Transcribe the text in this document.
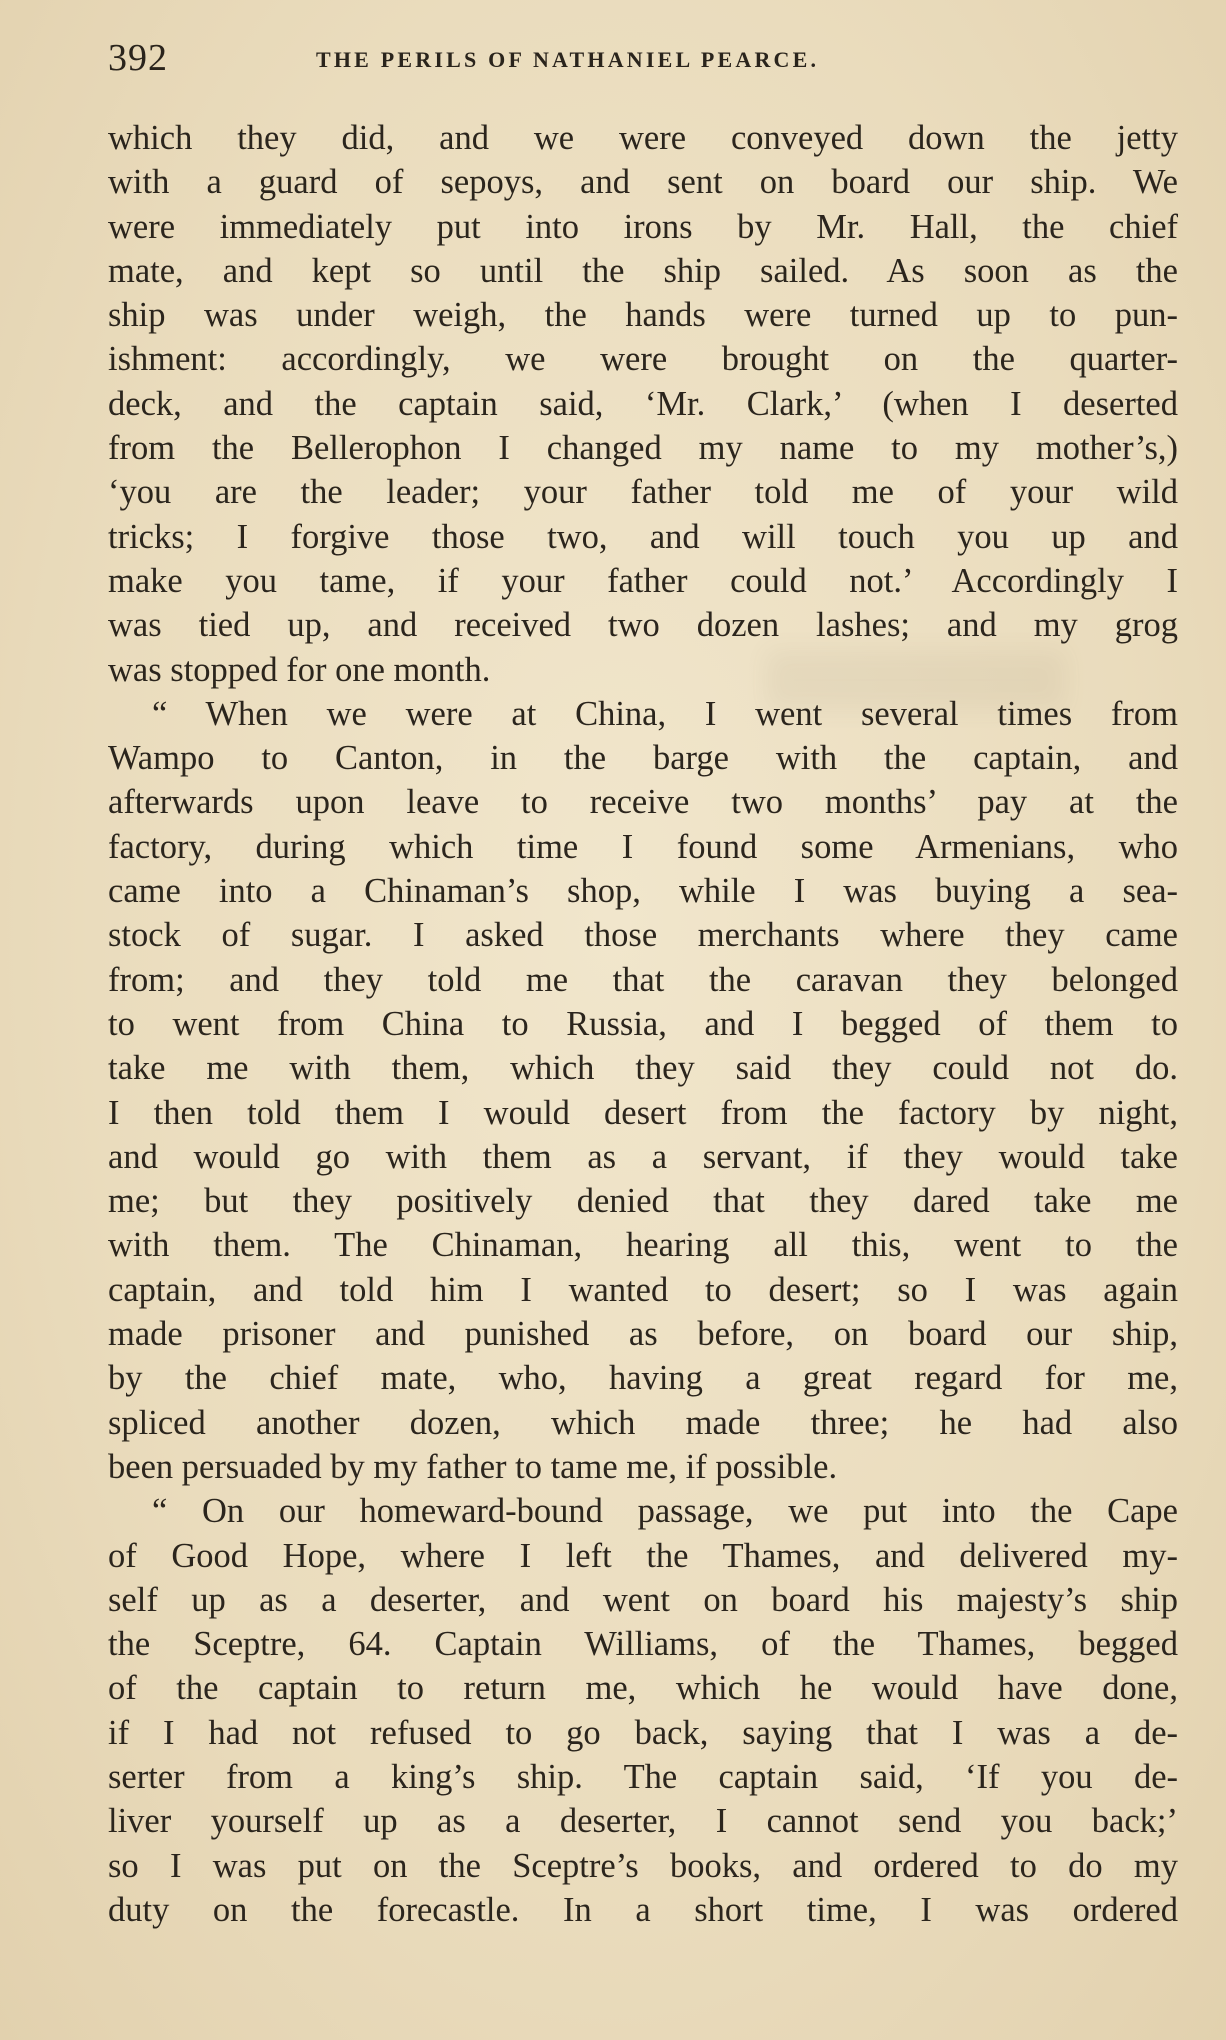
392	THE PERILS OF NATHANIEL PEARCE.
which they did, and we were conveyed down the jetty
with a guard of sepoys, and sent on board our ship. We
were immediately put into irons by Mr. Hall, the chief
mate, and kept so until the ship sailed. As soon as the
ship was under weigh, the hands were turned up to pun-
ishment: accordingly, we were brought on the quarter-
deck, and the captain said, ‘Mr. Clark,’ (when I deserted
from the Bellerophon I changed my name to my mother’s,)
‘you are the leader; your father told me of your wild
tricks; I forgive those two, and will touch you up and
make you tame, if your father could not.’ Accordingly I
was tied up, and received two dozen lashes; and my grog
was stopped for one month.
“ When we were at China, I went several times from
Wampo to Canton, in the barge with the captain, and
afterwards upon leave to receive two months’ pay at the
factory, during which time I found some Armenians, who
came into a Chinaman’s shop, while I was buying a sea-
stock of sugar. I asked those merchants where they came
from; and they told me that the caravan they belonged
to went from China to Russia, and I begged of them to
take me with them, which they said they could not do.
I then told them I would desert from the factory by night,
and would go with them as a servant, if they would take
me; but they positively denied that they dared take me
with them. The Chinaman, hearing all this, went to the
captain, and told him I wanted to desert; so I was again
made prisoner and punished as before, on board our ship,
by the chief mate, who, having a great regard for me,
spliced another dozen, which made three; he had also
been persuaded by my father to tame me, if possible.
“ On our homeward-bound passage, we put into the Cape
of Good Hope, where I left the Thames, and delivered my-
self up as a deserter, and went on board his majesty’s ship
the Sceptre, 64. Captain Williams, of the Thames, begged
of the captain to return me, which he would have done,
if I had not refused to go back, saying that I was a de-
serter from a king’s ship. The captain said, ‘If you de-
liver yourself up as a deserter, I cannot send you back;’
so I was put on the Sceptre’s books, and ordered to do my
duty on the forecastle. In a short time, I was ordered
